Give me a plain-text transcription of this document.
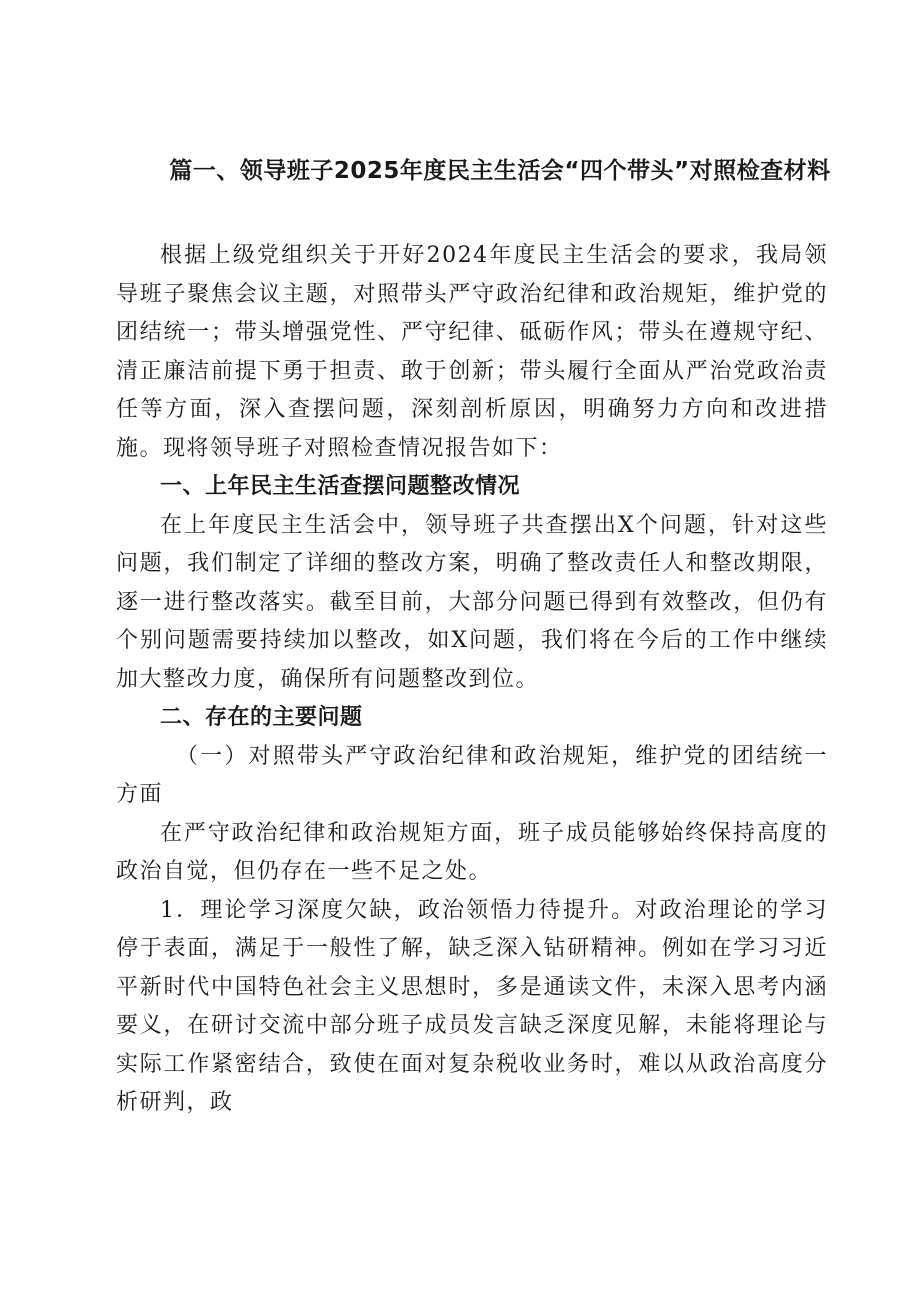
篇一、领导班子2025年度民主生活会“四个带头”对照检查材料

根据上级党组织关于开好2024年度民主生活会的要求，我局领导班子聚焦会议主题，对照带头严守政治纪律和政治规矩，维护党的团结统一；带头增强党性、严守纪律、砥砺作风；带头在遵规守纪、清正廉洁前提下勇于担责、敢于创新；带头履行全面从严治党政治责任等方面，深入查摆问题，深刻剖析原因，明确努力方向和改进措施。现将领导班子对照检查情况报告如下：

一、上年民主生活查摆问题整改情况

在上年度民主生活会中，领导班子共查摆出X个问题，针对这些问题，我们制定了详细的整改方案，明确了整改责任人和整改期限，逐一进行整改落实。截至目前，大部分问题已得到有效整改，但仍有个别问题需要持续加以整改，如X问题，我们将在今后的工作中继续加大整改力度，确保所有问题整改到位。

二、存在的主要问题
（一）对照带头严守政治纪律和政治规矩，维护党的团结统一方面

在严守政治纪律和政治规矩方面，班子成员能够始终保持高度的政治自觉，但仍存在一些不足之处。

1．理论学习深度欠缺，政治领悟力待提升。对政治理论的学习停于表面，满足于一般性了解，缺乏深入钻研精神。例如在学习习近平新时代中国特色社会主义思想时，多是通读文件，未深入思考内涵要义，在研讨交流中部分班子成员发言缺乏深度见解，未能将理论与实际工作紧密结合，致使在面对复杂税收业务时，难以从政治高度分析研判，政
